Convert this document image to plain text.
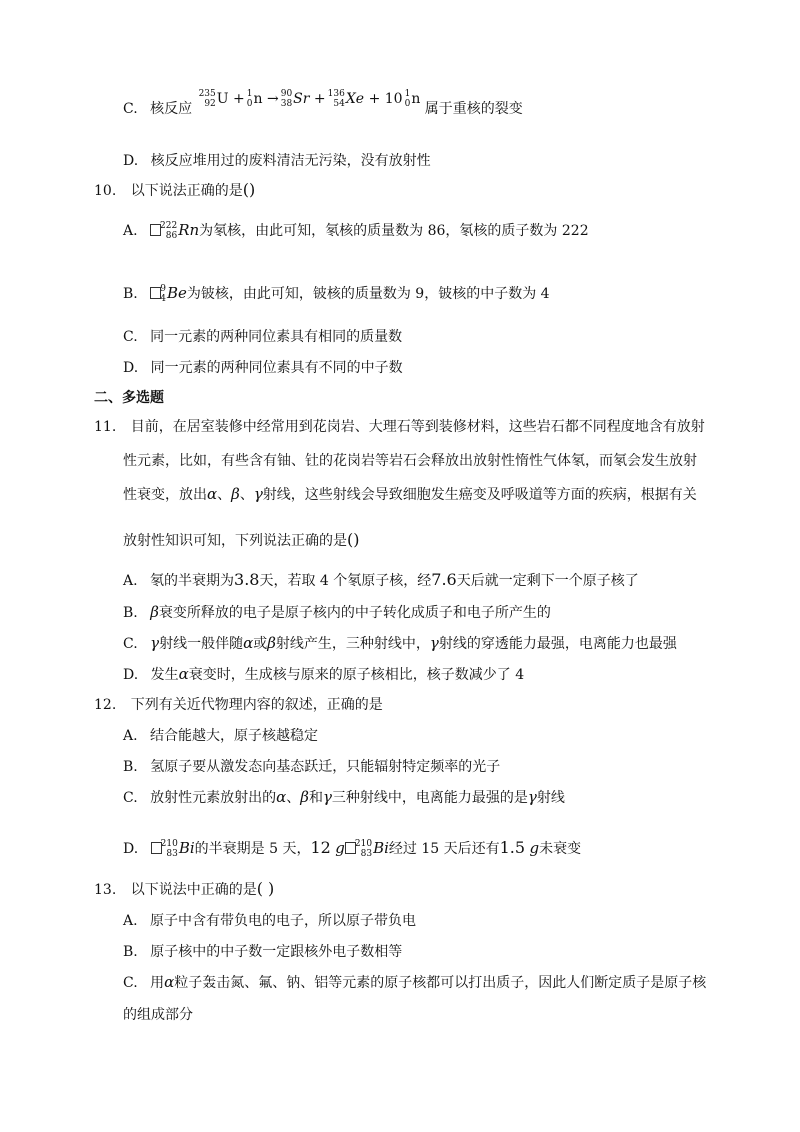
C. 核反应
235
92 U + 1
0 n → 90
38 Sr + 136
54 Xe + 10 1
0 n 属于重核的裂变
D. 核反应堆用过的废料清洁无污染，没有放射性
10. 以下说法正确的是()
A. 222
86 Rn为氡核，由此可知，氡核的质量数为 86，氡核的质子数为 222
B. 9
4 Be为铍核，由此可知，铍核的质量数为 9，铍核的中子数为 4
C. 同一元素的两种同位素具有相同的质量数
D. 同一元素的两种同位素具有不同的中子数
二、多选题
11. 目前，在居室装修中经常用到花岗岩、大理石等到装修材料，这些岩石都不同程度地含有放射
性元素，比如，有些含有铀、钍的花岗岩等岩石会释放出放射性惰性气体氡，而氡会发生放射
性衰变，放出α、β、γ射线，这些射线会导致细胞发生癌变及呼吸道等方面的疾病，根据有关
放射性知识可知，下列说法正确的是()
A. 氡的半衰期为3.8天，若取 4 个氡原子核，经7.6天后就一定剩下一个原子核了
B. β衰变所释放的电子是原子核内的中子转化成质子和电子所产生的
C. γ射线一般伴随α或β射线产生，三种射线中，γ射线的穿透能力最强，电离能力也最强
D. 发生α衰变时，生成核与原来的原子核相比，核子数减少了 4
12. 下列有关近代物理内容的叙述，正确的是
A. 结合能越大，原子核越稳定
B. 氢原子要从激发态向基态跃迁，只能辐射特定频率的光子
C. 放射性元素放射出的α、β和γ三种射线中，电离能力最强的是γ射线
D. 210
83 Bi的半衰期是 5 天，12 g 210
83 Bi经过 15 天后还有1.5 g未衰变
13. 以下说法中正确的是( )
A. 原子中含有带负电的电子，所以原子带负电
B. 原子核中的中子数一定跟核外电子数相等
C. 用α粒子轰击氮、氟、钠、铝等元素的原子核都可以打出质子，因此人们断定质子是原子核
的组成部分
